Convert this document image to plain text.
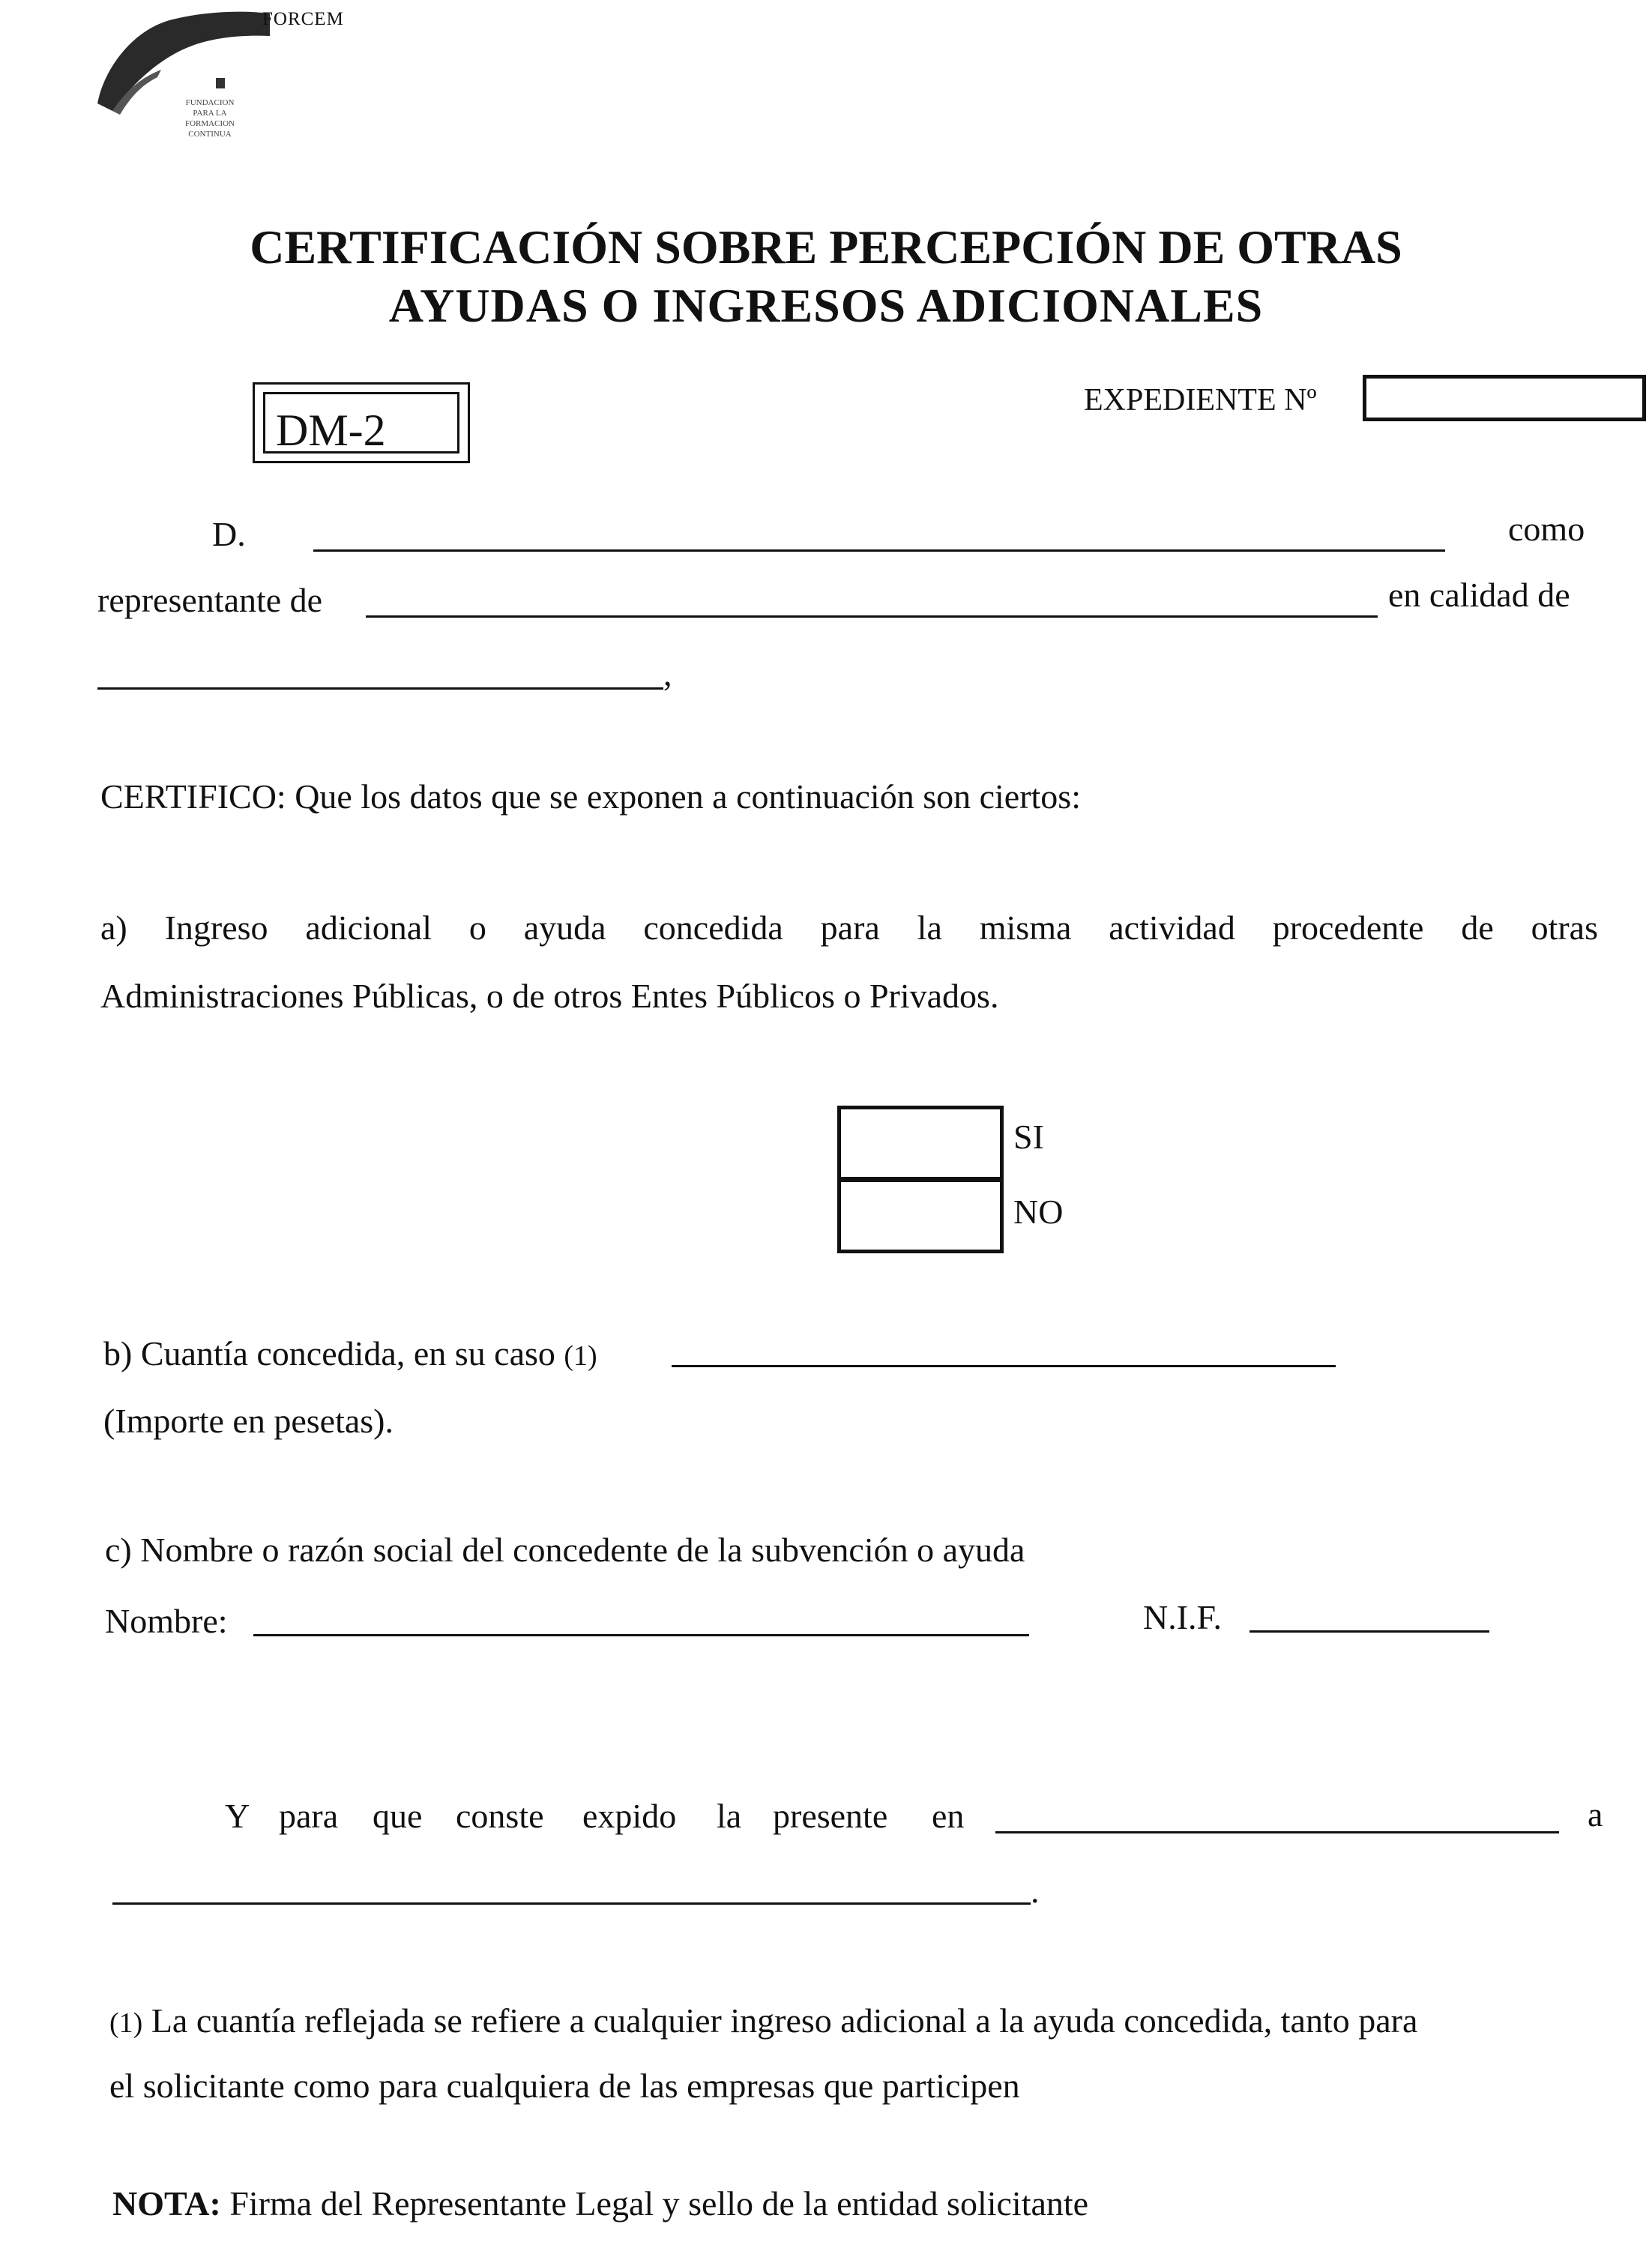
FORCEM
FUNDACION
PARA LA
FORMACION
CONTINUA
CERTIFICACIÓN SOBRE PERCEPCIÓN DE OTRAS
AYUDAS O INGRESOS ADICIONALES
DM-2
EXPEDIENTE Nº
D.	como
representante de	en calidad de
,
CERTIFICO: Que los datos que se exponen a continuación son ciertos:
a) Ingreso adicional o ayuda concedida para la misma actividad procedente de otras
Administraciones Públicas, o de otros Entes Públicos o Privados.
SI
NO
b) Cuantía concedida, en su caso (1)
(Importe en pesetas).
c) Nombre o razón social del concedente de la subvención o ayuda
Nombre:	N.I.F.
Y para que conste expido la presente en	a
.
(1) La cuantía reflejada se refiere a cualquier ingreso adicional a la ayuda concedida, tanto para
el solicitante como para cualquiera de las empresas que participen
NOTA: Firma del Representante Legal y sello de la entidad solicitante
